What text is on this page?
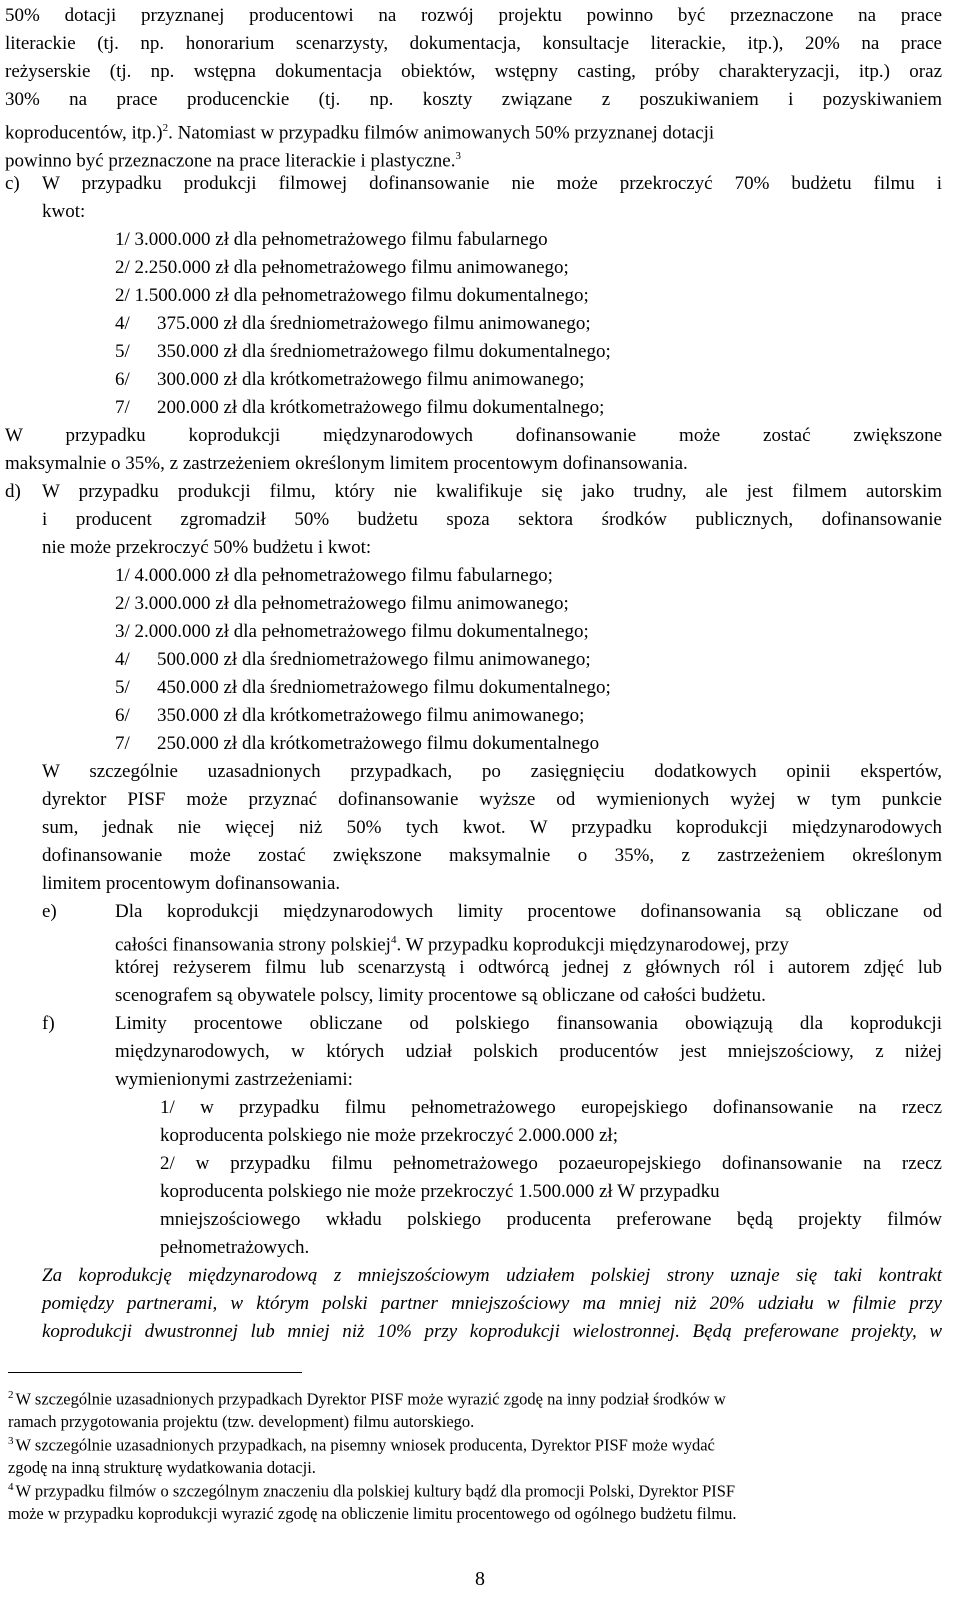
50% dotacji przyznanej producentowi na rozwój projektu powinno być przeznaczone na prace
literackie (tj. np. honorarium scenarzysty, dokumentacja, konsultacje literackie, itp.), 20% na prace
reżyserskie (tj. np. wstępna dokumentacja obiektów, wstępny casting, próby charakteryzacji, itp.) oraz
30% na prace producenckie (tj. np. koszty związane z poszukiwaniem i pozyskiwaniem
koproducentów, itp.)$^2$. Natomiast w przypadku filmów animowanych 50% przyznanej dotacji
powinno być przeznaczone na prace literackie i plastyczne.$^3$
c)	W przypadku produkcji filmowej dofinansowanie nie może przekroczyć 70% budżetu filmu i
kwot:
1/ 3.000.000 zł dla pełnometrażowego filmu fabularnego
2/ 2.250.000 zł dla pełnometrażowego filmu animowanego;
2/ 1.500.000 zł dla pełnometrażowego filmu dokumentalnego;
4/ 375.000 zł dla średniometrażowego filmu animowanego;
5/ 350.000 zł dla średniometrażowego filmu dokumentalnego;
6/ 300.000 zł dla krótkometrażowego filmu animowanego;
7/ 200.000 zł dla krótkometrażowego filmu dokumentalnego;
W przypadku koprodukcji międzynarodowych dofinansowanie może zostać zwiększone
maksymalnie o 35%, z zastrzeżeniem określonym limitem procentowym dofinansowania.
d)	W przypadku produkcji filmu, który nie kwalifikuje się jako trudny, ale jest filmem autorskim
i producent zgromadził 50% budżetu spoza sektora środków publicznych, dofinansowanie
nie może przekroczyć 50% budżetu i kwot:
1/ 4.000.000 zł dla pełnometrażowego filmu fabularnego;
2/ 3.000.000 zł dla pełnometrażowego filmu animowanego;
3/ 2.000.000 zł dla pełnometrażowego filmu dokumentalnego;
4/ 500.000 zł dla średniometrażowego filmu animowanego;
5/ 450.000 zł dla średniometrażowego filmu dokumentalnego;
6/ 350.000 zł dla krótkometrażowego filmu animowanego;
7/ 250.000 zł dla krótkometrażowego filmu dokumentalnego
W szczególnie uzasadnionych przypadkach, po zasięgnięciu dodatkowych opinii ekspertów,
dyrektor PISF może przyznać dofinansowanie wyższe od wymienionych wyżej w tym punkcie
sum, jednak nie więcej niż 50% tych kwot. W przypadku koprodukcji międzynarodowych
dofinansowanie może zostać zwiększone maksymalnie o 35%, z zastrzeżeniem określonym
limitem procentowym dofinansowania.
e)	Dla koprodukcji międzynarodowych limity procentowe dofinansowania są obliczane od
całości finansowania strony polskiej$^4$. W przypadku koprodukcji międzynarodowej, przy
której reżyserem filmu lub scenarzystą i odtwórcą jednej z głównych ról i autorem zdjęć lub
scenografem są obywatele polscy, limity procentowe są obliczane od całości budżetu.
f)	Limity procentowe obliczane od polskiego finansowania obowiązują dla koprodukcji
międzynarodowych, w których udział polskich producentów jest mniejszościowy, z niżej
wymienionymi zastrzeżeniami:
1/ w przypadku filmu pełnometrażowego europejskiego dofinansowanie na rzecz
koproducenta polskiego nie może przekroczyć 2.000.000 zł;
2/ w przypadku filmu pełnometrażowego pozaeuropejskiego dofinansowanie na rzecz
koproducenta polskiego nie może przekroczyć 1.500.000 zł W przypadku
mniejszościowego wkładu polskiego producenta preferowane będą projekty filmów
pełnometrażowych.
Za koprodukcję międzynarodową z mniejszościowym udziałem polskiej strony uznaje się taki kontrakt
pomiędzy partnerami, w którym polski partner mniejszościowy ma mniej niż 20% udziału w filmie przy
koprodukcji dwustronnej lub mniej niż 10% przy koprodukcji wielostronnej. Będą preferowane projekty, w
$^2$ W szczególnie uzasadnionych przypadkach Dyrektor PISF może wyrazić zgodę na inny podział środków w
ramach przygotowania projektu (tzw. development) filmu autorskiego.
$^3$ W szczególnie uzasadnionych przypadkach, na pisemny wniosek producenta, Dyrektor PISF może wydać
zgodę na inną strukturę wydatkowania dotacji.
$^4$ W przypadku filmów o szczególnym znaczeniu dla polskiej kultury bądź dla promocji Polski, Dyrektor PISF
może w przypadku koprodukcji wyrazić zgodę na obliczenie limitu procentowego od ogólnego budżetu filmu.
8
